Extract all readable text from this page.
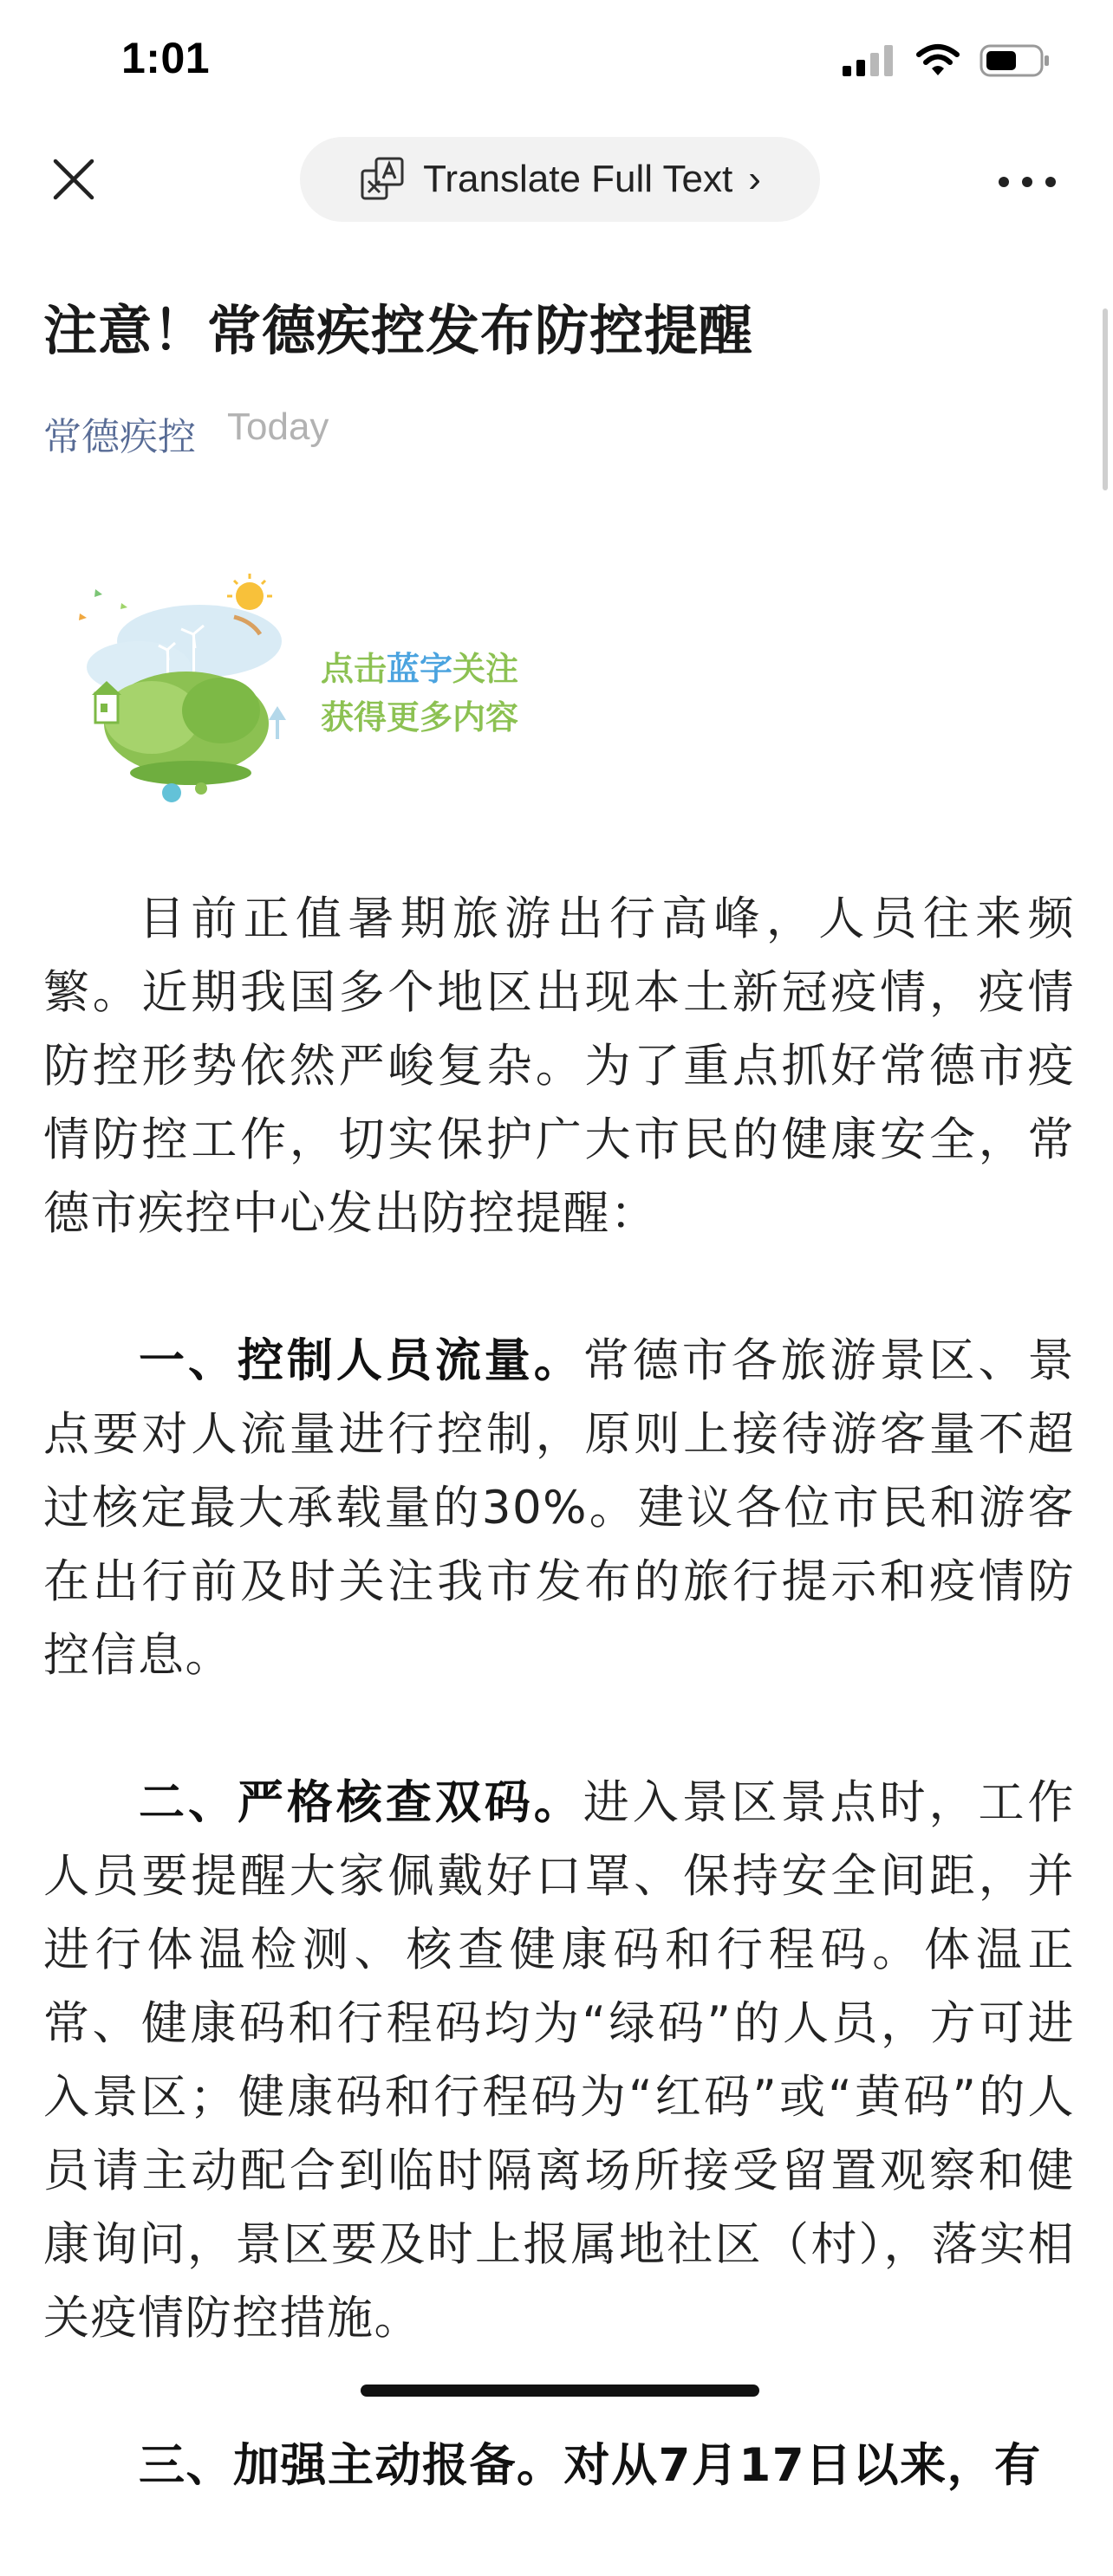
1:01
Translate Full Text ›
注意！常德疾控发布防控提醒
常德疾控 Today
点击蓝字关注
获得更多内容

目前正值暑期旅游出行高峰，人员往来频繁。近期我国多个地区出现本土新冠疫情，疫情防控形势依然严峻复杂。为了重点抓好常德市疫情防控工作，切实保护广大市民的健康安全，常德市疾控中心发出防控提醒：

一、控制人员流量。常德市各旅游景区、景点要对人流量进行控制，原则上接待游客量不超过核定最大承载量的30%。建议各位市民和游客在出行前及时关注我市发布的旅行提示和疫情防控信息。

二、严格核查双码。进入景区景点时，工作人员要提醒大家佩戴好口罩、保持安全间距，并进行体温检测、核查健康码和行程码。体温正常、健康码和行程码均为“绿码”的人员，方可进入景区；健康码和行程码为“红码”或“黄码”的人员请主动配合到临时隔离场所接受留置观察和健康询问，景区要及时上报属地社区（村），落实相关疫情防控措施。

三、加强主动报备。对从7月17日以来，有
